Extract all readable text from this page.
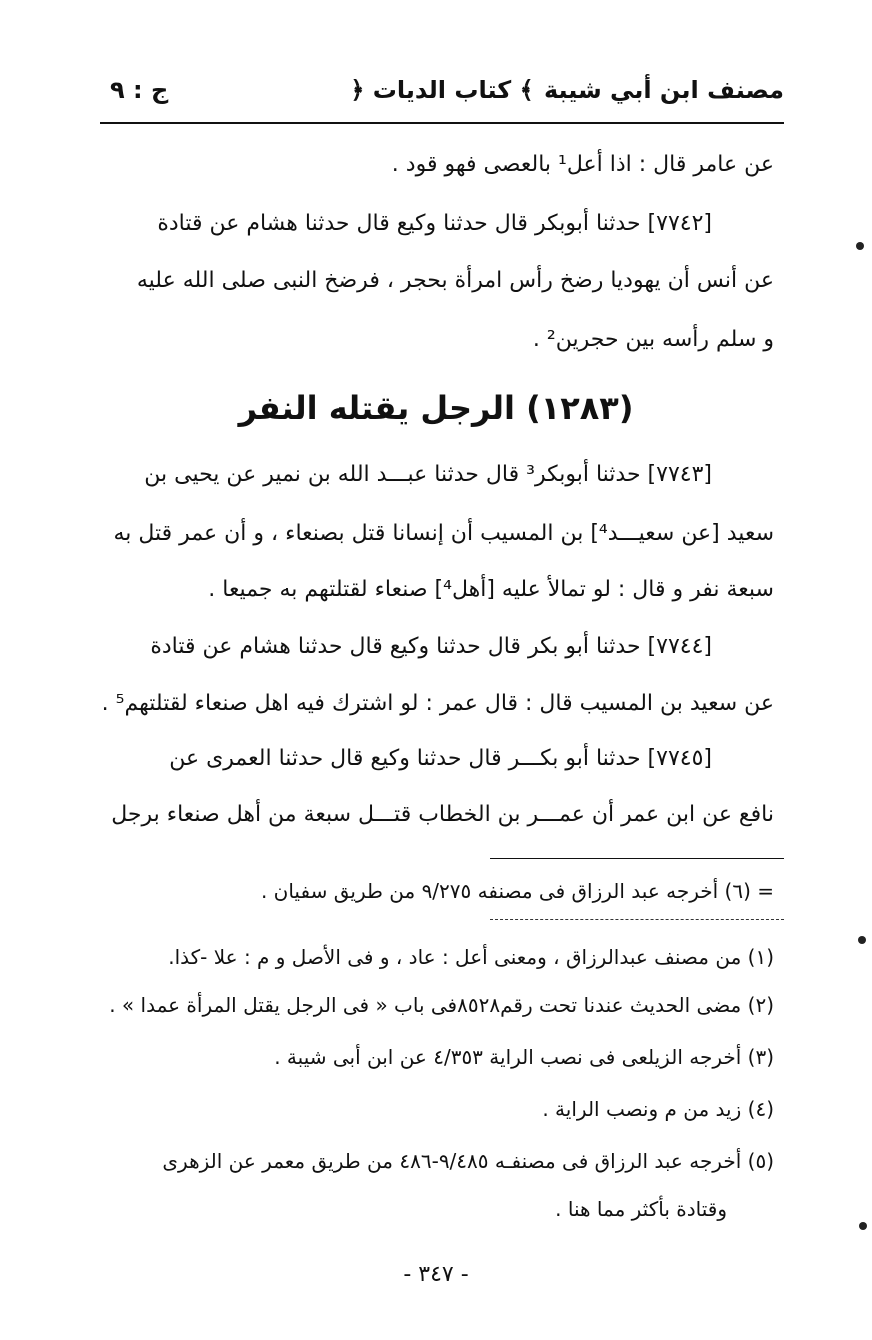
مصنف ابن أبي شيبة
﴿ كتاب الديات ﴾
ج : ٩
عن عامر قال : اذا أعل¹ بالعصى فهو قود .
[٧٧٤٢] حدثنا أبوبكر قال حدثنا وكيع قال حدثنا هشام عن قتادة
عن أنس أن يهوديا رضخ رأس امرأة بحجر ، فرضخ النبى صلى الله عليه
و سلم رأسه بين حجرين² .
(١٢٨٣) الرجل يقتله النفر
[٧٧٤٣] حدثنا أبوبكر³ قال حدثنا عبـــد الله بن نمير عن يحيى بن
سعيد [عن سعيـــد⁴] بن المسيب أن إنسانا قتل بصنعاء ، و أن عمر قتل به
سبعة نفر و قال : لو تمالأ عليه [أهل⁴] صنعاء لقتلتهم به جميعا .
[٧٧٤٤] حدثنا أبو بكر قال حدثنا وكيع قال حدثنا هشام عن قتادة
عن سعيد بن المسيب قال : قال عمر : لو اشترك فيه اهل صنعاء لقتلتهم⁵ .
[٧٧٤٥] حدثنا أبو بكـــر قال حدثنا وكيع قال حدثنا العمرى عن
نافع عن ابن عمر أن عمـــر بن الخطاب قتـــل سبعة من أهل صنعاء برجل
= (٦) أخرجه عبد الرزاق فى مصنفه ٩/٢٧٥ من طريق سفيان .
(١) من مصنف عبدالرزاق ، ومعنى أعل : عاد ، و فى الأصل و م : علا -كذا.
(٢) مضى الحديث عندنا تحت رقم٨٥٢٨فى باب « فى الرجل يقتل المرأة عمدا » .
(٣) أخرجه الزيلعى فى نصب الراية ٤/٣٥٣ عن ابن أبى شيبة .
(٤) زيد من م ونصب الراية .
(٥) أخرجه عبد الرزاق فى مصنفـه ٩/٤٨٥-٤٨٦ من طريق معمر عن الزهرى
وقتادة بأكثر مما هنا .
- ٣٤٧ -
